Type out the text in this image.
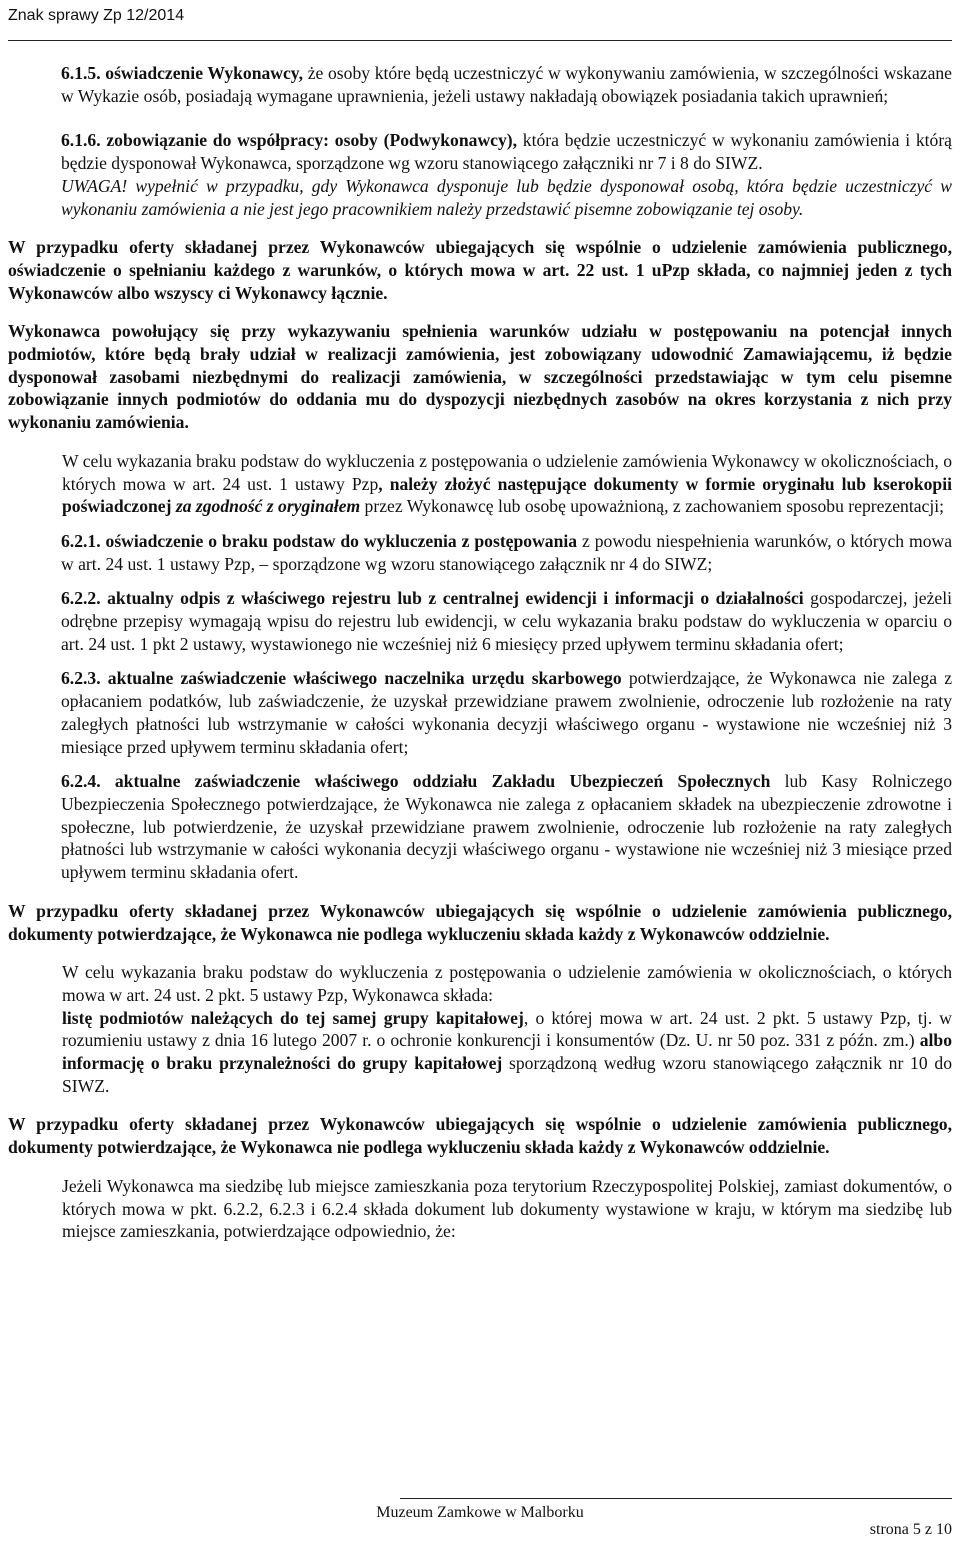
Znak sprawy Zp 12/2014

6.1.5. oświadczenie Wykonawcy, że osoby które będą uczestniczyć w wykonywaniu zamówienia, w szczególności wskazane w Wykazie osób, posiadają wymagane uprawnienia, jeżeli ustawy nakładają obowiązek posiadania takich uprawnień;

6.1.6. zobowiązanie do współpracy: osoby (Podwykonawcy), która będzie uczestniczyć w wykonaniu zamówienia i którą będzie dysponował Wykonawca, sporządzone wg wzoru stanowiącego załączniki nr 7 i 8 do SIWZ.
UWAGA! wypełnić w przypadku, gdy Wykonawca dysponuje lub będzie dysponował osobą, która będzie uczestniczyć w wykonaniu zamówienia a nie jest jego pracownikiem należy przedstawić pisemne zobowiązanie tej osoby.

W przypadku oferty składanej przez Wykonawców ubiegających się wspólnie o udzielenie zamówienia publicznego, oświadczenie o spełnianiu każdego z warunków, o których mowa w art. 22 ust. 1 uPzp składa, co najmniej jeden z tych Wykonawców albo wszyscy ci Wykonawcy łącznie.

Wykonawca powołujący się przy wykazywaniu spełnienia warunków udziału w postępowaniu na potencjał innych podmiotów, które będą brały udział w realizacji zamówienia, jest zobowiązany udowodnić Zamawiającemu, iż będzie dysponował zasobami niezbędnymi do realizacji zamówienia, w szczególności przedstawiając w tym celu pisemne zobowiązanie innych podmiotów do oddania mu do dyspozycji niezbędnych zasobów na okres korzystania z nich przy wykonaniu zamówienia.

W celu wykazania braku podstaw do wykluczenia z postępowania o udzielenie zamówienia Wykonawcy w okolicznościach, o których mowa w art. 24 ust. 1 ustawy Pzp, należy złożyć następujące dokumenty w formie oryginału lub kserokopii poświadczonej za zgodność z oryginałem przez Wykonawcę lub osobę upoważnioną, z zachowaniem sposobu reprezentacji;

6.2.1. oświadczenie o braku podstaw do wykluczenia z postępowania z powodu niespełnienia warunków, o których mowa w art. 24 ust. 1 ustawy Pzp, – sporządzone wg wzoru stanowiącego załącznik nr 4 do SIWZ;

6.2.2. aktualny odpis z właściwego rejestru lub z centralnej ewidencji i informacji o działalności gospodarczej, jeżeli odrębne przepisy wymagają wpisu do rejestru lub ewidencji, w celu wykazania braku podstaw do wykluczenia w oparciu o art. 24 ust. 1 pkt 2 ustawy, wystawionego nie wcześniej niż 6 miesięcy przed upływem terminu składania ofert;

6.2.3. aktualne zaświadczenie właściwego naczelnika urzędu skarbowego potwierdzające, że Wykonawca nie zalega z opłacaniem podatków, lub zaświadczenie, że uzyskał przewidziane prawem zwolnienie, odroczenie lub rozłożenie na raty zaległych płatności lub wstrzymanie w całości wykonania decyzji właściwego organu - wystawione nie wcześniej niż 3 miesiące przed upływem terminu składania ofert;

6.2.4. aktualne zaświadczenie właściwego oddziału Zakładu Ubezpieczeń Społecznych lub Kasy Rolniczego Ubezpieczenia Społecznego potwierdzające, że Wykonawca nie zalega z opłacaniem składek na ubezpieczenie zdrowotne i społeczne, lub potwierdzenie, że uzyskał przewidziane prawem zwolnienie, odroczenie lub rozłożenie na raty zaległych płatności lub wstrzymanie w całości wykonania decyzji właściwego organu - wystawione nie wcześniej niż 3 miesiące przed upływem terminu składania ofert.

W przypadku oferty składanej przez Wykonawców ubiegających się wspólnie o udzielenie zamówienia publicznego, dokumenty potwierdzające, że Wykonawca nie podlega wykluczeniu składa każdy z Wykonawców oddzielnie.

W celu wykazania braku podstaw do wykluczenia z postępowania o udzielenie zamówienia w okolicznościach, o których mowa w art. 24 ust. 2 pkt. 5 ustawy Pzp, Wykonawca składa:
listę podmiotów należących do tej samej grupy kapitałowej, o której mowa w art. 24 ust. 2 pkt. 5 ustawy Pzp, tj. w rozumieniu ustawy z dnia 16 lutego 2007 r. o ochronie konkurencji i konsumentów (Dz. U. nr 50 poz. 331 z późn. zm.) albo informację o braku przynależności do grupy kapitałowej sporządzoną według wzoru stanowiącego załącznik nr 10 do SIWZ.

W przypadku oferty składanej przez Wykonawców ubiegających się wspólnie o udzielenie zamówienia publicznego, dokumenty potwierdzające, że Wykonawca nie podlega wykluczeniu składa każdy z Wykonawców oddzielnie.

Jeżeli Wykonawca ma siedzibę lub miejsce zamieszkania poza terytorium Rzeczypospolitej Polskiej, zamiast dokumentów, o których mowa w pkt. 6.2.2, 6.2.3 i 6.2.4 składa dokument lub dokumenty wystawione w kraju, w którym ma siedzibę lub miejsce zamieszkania, potwierdzające odpowiednio, że:

Muzeum Zamkowe w Malborku
strona 5 z 10
